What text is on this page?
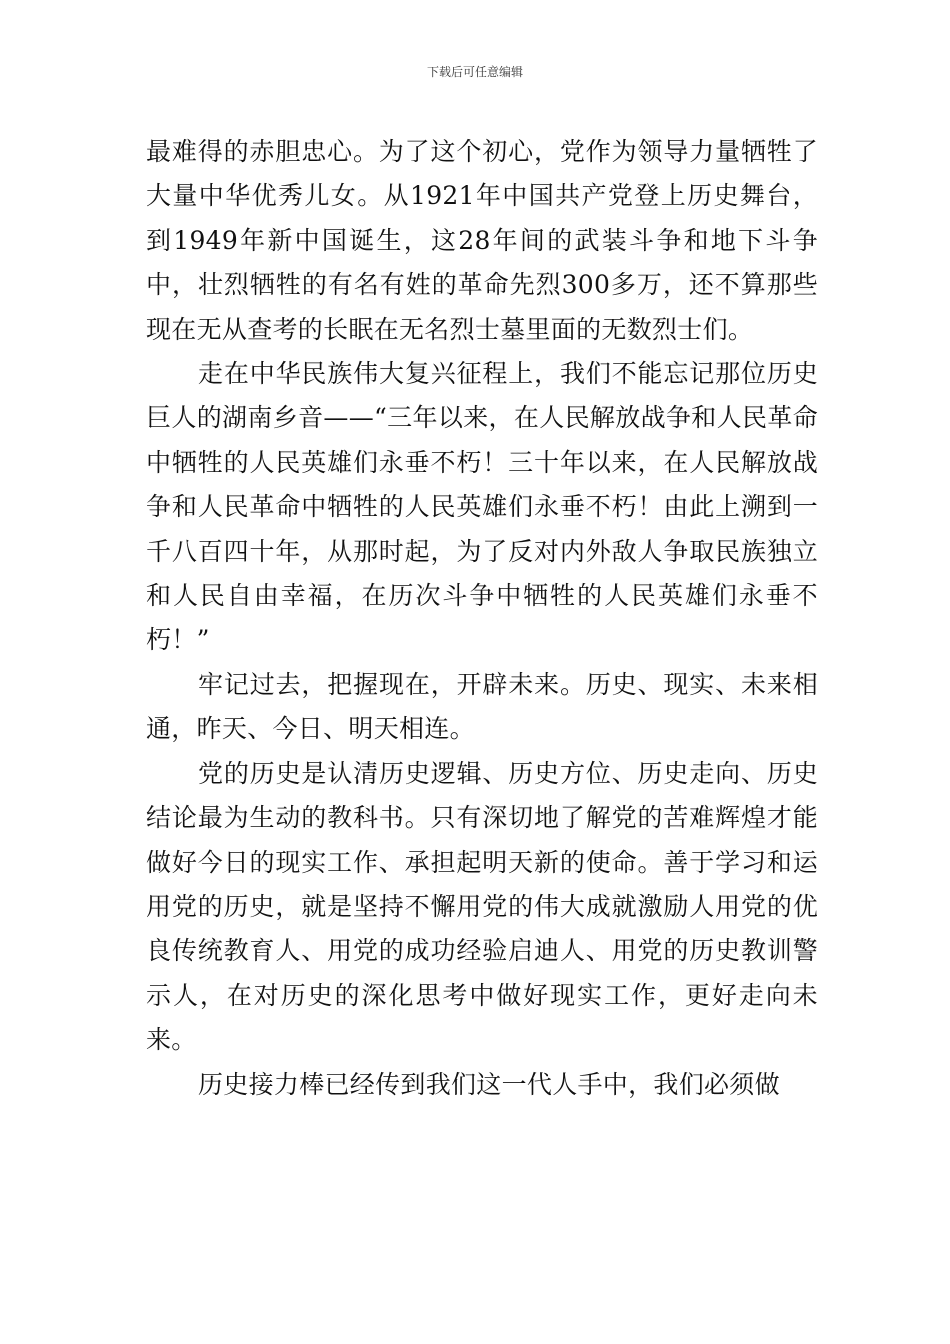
下载后可任意编辑

最难得的赤胆忠心。为了这个初心，党作为领导力量牺牲了大量中华优秀儿女。从1921年中国共产党登上历史舞台，到1949年新中国诞生，这28年间的武装斗争和地下斗争中，壮烈牺牲的有名有姓的革命先烈300多万，还不算那些现在无从查考的长眠在无名烈士墓里面的无数烈士们。

走在中华民族伟大复兴征程上，我们不能忘记那位历史巨人的湖南乡音——“三年以来，在人民解放战争和人民革命中牺牲的人民英雄们永垂不朽！三十年以来，在人民解放战争和人民革命中牺牲的人民英雄们永垂不朽！由此上溯到一千八百四十年，从那时起，为了反对内外敌人争取民族独立和人民自由幸福，在历次斗争中牺牲的人民英雄们永垂不朽！”

牢记过去，把握现在，开辟未来。历史、现实、未来相通，昨天、今日、明天相连。

党的历史是认清历史逻辑、历史方位、历史走向、历史结论最为生动的教科书。只有深切地了解党的苦难辉煌才能做好今日的现实工作、承担起明天新的使命。善于学习和运用党的历史，就是坚持不懈用党的伟大成就激励人用党的优良传统教育人、用党的成功经验启迪人、用党的历史教训警示人，在对历史的深化思考中做好现实工作，更好走向未来。

历史接力棒已经传到我们这一代人手中，我们必须做
